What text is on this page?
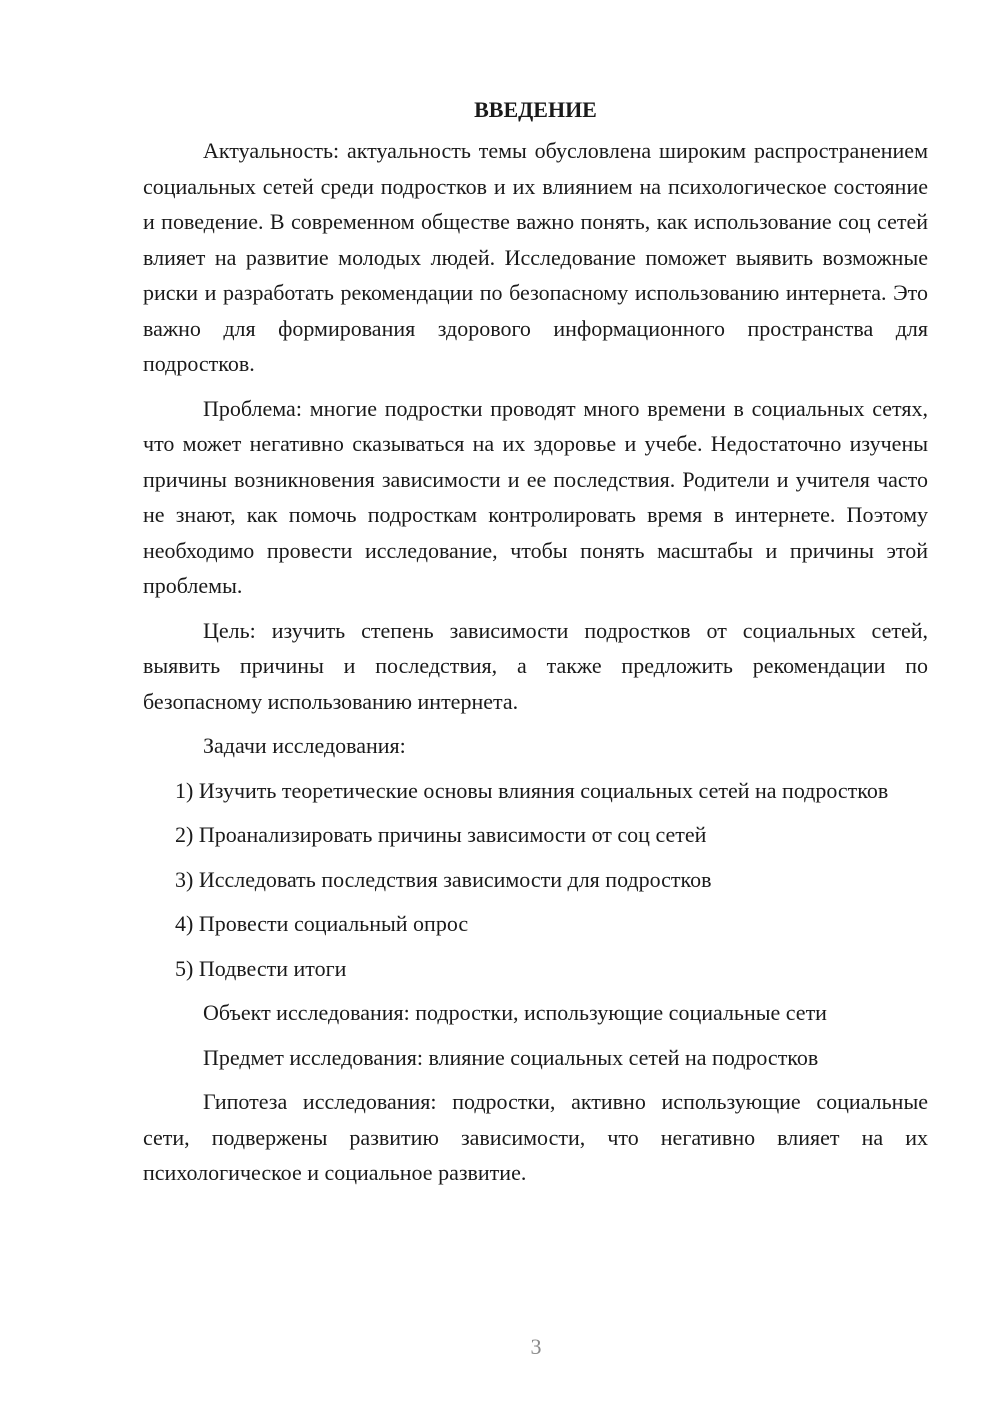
ВВЕДЕНИЕ

Актуальность: актуальность темы обусловлена широким распространением социальных сетей среди подростков и их влиянием на психологическое состояние и поведение. В современном обществе важно понять, как использование соц сетей влияет на развитие молодых людей. Исследование поможет выявить возможные риски и разработать рекомендации по безопасному использованию интернета. Это важно для формирования здорового информационного пространства для подростков.

Проблема: многие подростки проводят много времени в социальных сетях, что может негативно сказываться на их здоровье и учебе. Недостаточно изучены причины возникновения зависимости и ее последствия. Родители и учителя часто не знают, как помочь подросткам контролировать время в интернете. Поэтому необходимо провести исследование, чтобы понять масштабы и причины этой проблемы.

Цель: изучить степень зависимости подростков от социальных сетей, выявить причины и последствия, а также предложить рекомендации по безопасному использованию интернета.

Задачи исследования:

1) Изучить теоретические основы влияния социальных сетей на подростков

2) Проанализировать причины зависимости от соц сетей

3) Исследовать последствия зависимости для подростков

4) Провести социальный опрос

5) Подвести итоги

Объект исследования: подростки, использующие социальные сети

Предмет исследования: влияние социальных сетей на подростков

Гипотеза исследования: подростки, активно использующие социальные сети, подвержены развитию зависимости, что негативно влияет на их психологическое и социальное развитие.

3
